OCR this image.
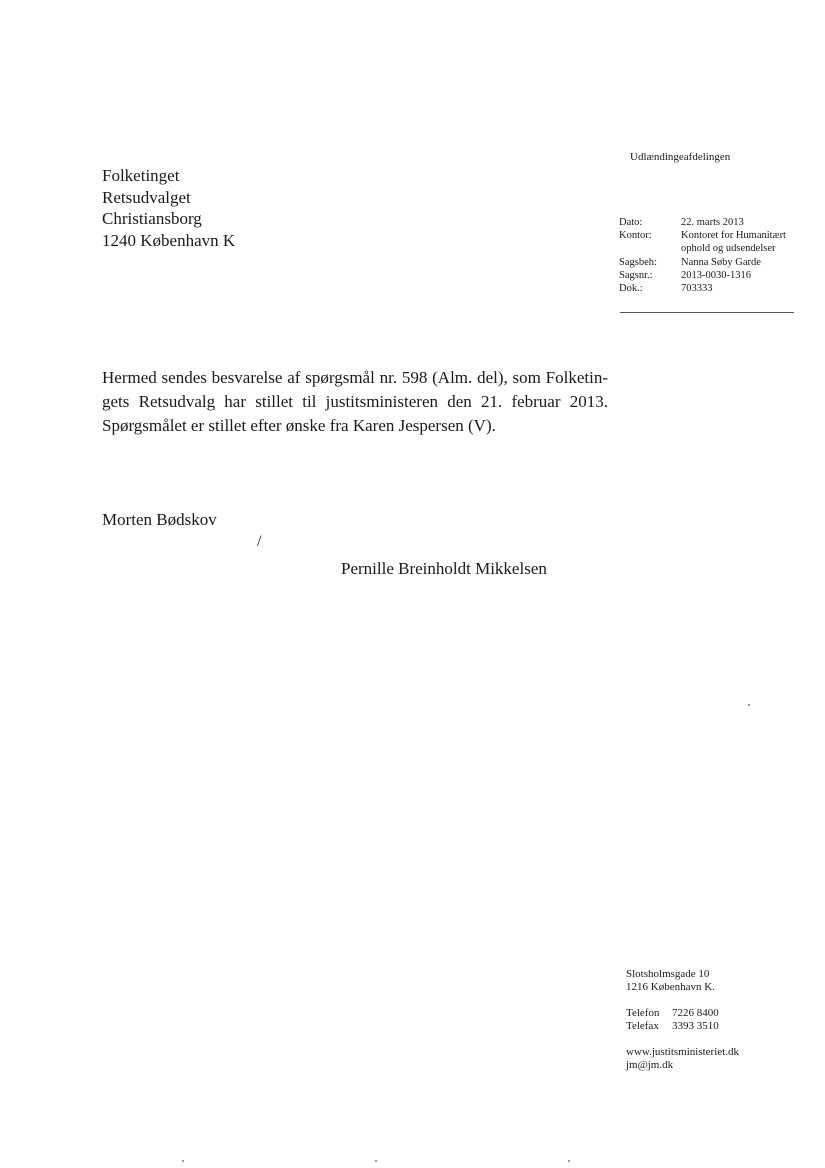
Folketinget
Retsudvalget
Christiansborg
1240 København K
Udlændingeafdelingen
Dato:	22. marts 2013
Kontor:	Kontoret for Humanitært ophold og udsendelser
Sagsbeh:	Nanna Søby Garde
Sagsnr.:	2013-0030-1316
Dok.:	703333

Hermed sendes besvarelse af spørgsmål nr. 598 (Alm. del), som Folketingets Retsudvalg har stillet til justitsministeren den 21. februar 2013. Spørgsmålet er stillet efter ønske fra Karen Jespersen (V).

Morten Bødskov
/
Pernille Breinholdt Mikkelsen
Slotsholmsgade 10
1216 København K.
Telefon	7226 8400
Telefax	3393 3510
www.justitsministeriet.dk
jm@jm.dk
